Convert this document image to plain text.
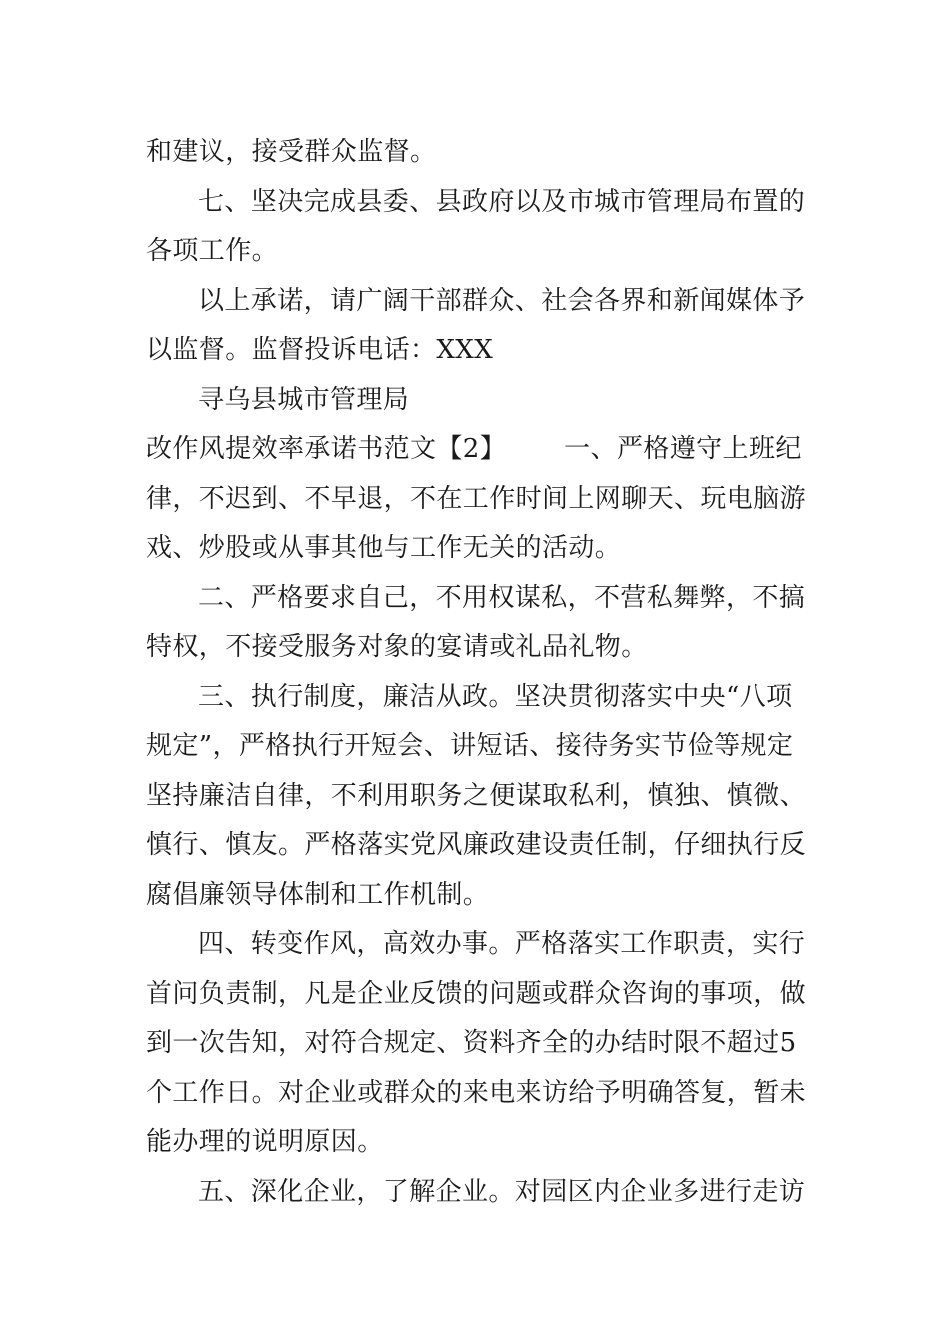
和建议，接受群众监督。

七、坚决完成县委、县政府以及市城市管理局布置的各项工作。

以上承诺，请广阔干部群众、社会各界和新闻媒体予以监督。监督投诉电话：XXX

寻乌县城市管理局

改作风提效率承诺书范文【2】 一、严格遵守上班纪律，不迟到、不早退，不在工作时间上网聊天、玩电脑游戏、炒股或从事其他与工作无关的活动。

二、严格要求自己，不用权谋私，不营私舞弊，不搞特权，不接受服务对象的宴请或礼品礼物。

三、执行制度，廉洁从政。坚决贯彻落实中央“八项规定”，严格执行开短会、讲短话、接待务实节俭等规定坚持廉洁自律，不利用职务之便谋取私利，慎独、慎微、慎行、慎友。严格落实党风廉政建设责任制，仔细执行反腐倡廉领导体制和工作机制。

四、转变作风，高效办事。严格落实工作职责，实行首问负责制，凡是企业反馈的问题或群众咨询的事项，做到一次告知，对符合规定、资料齐全的办结时限不超过5个工作日。对企业或群众的来电来访给予明确答复，暂未能办理的说明原因。

五、深化企业，了解企业。对园区内企业多进行走访
